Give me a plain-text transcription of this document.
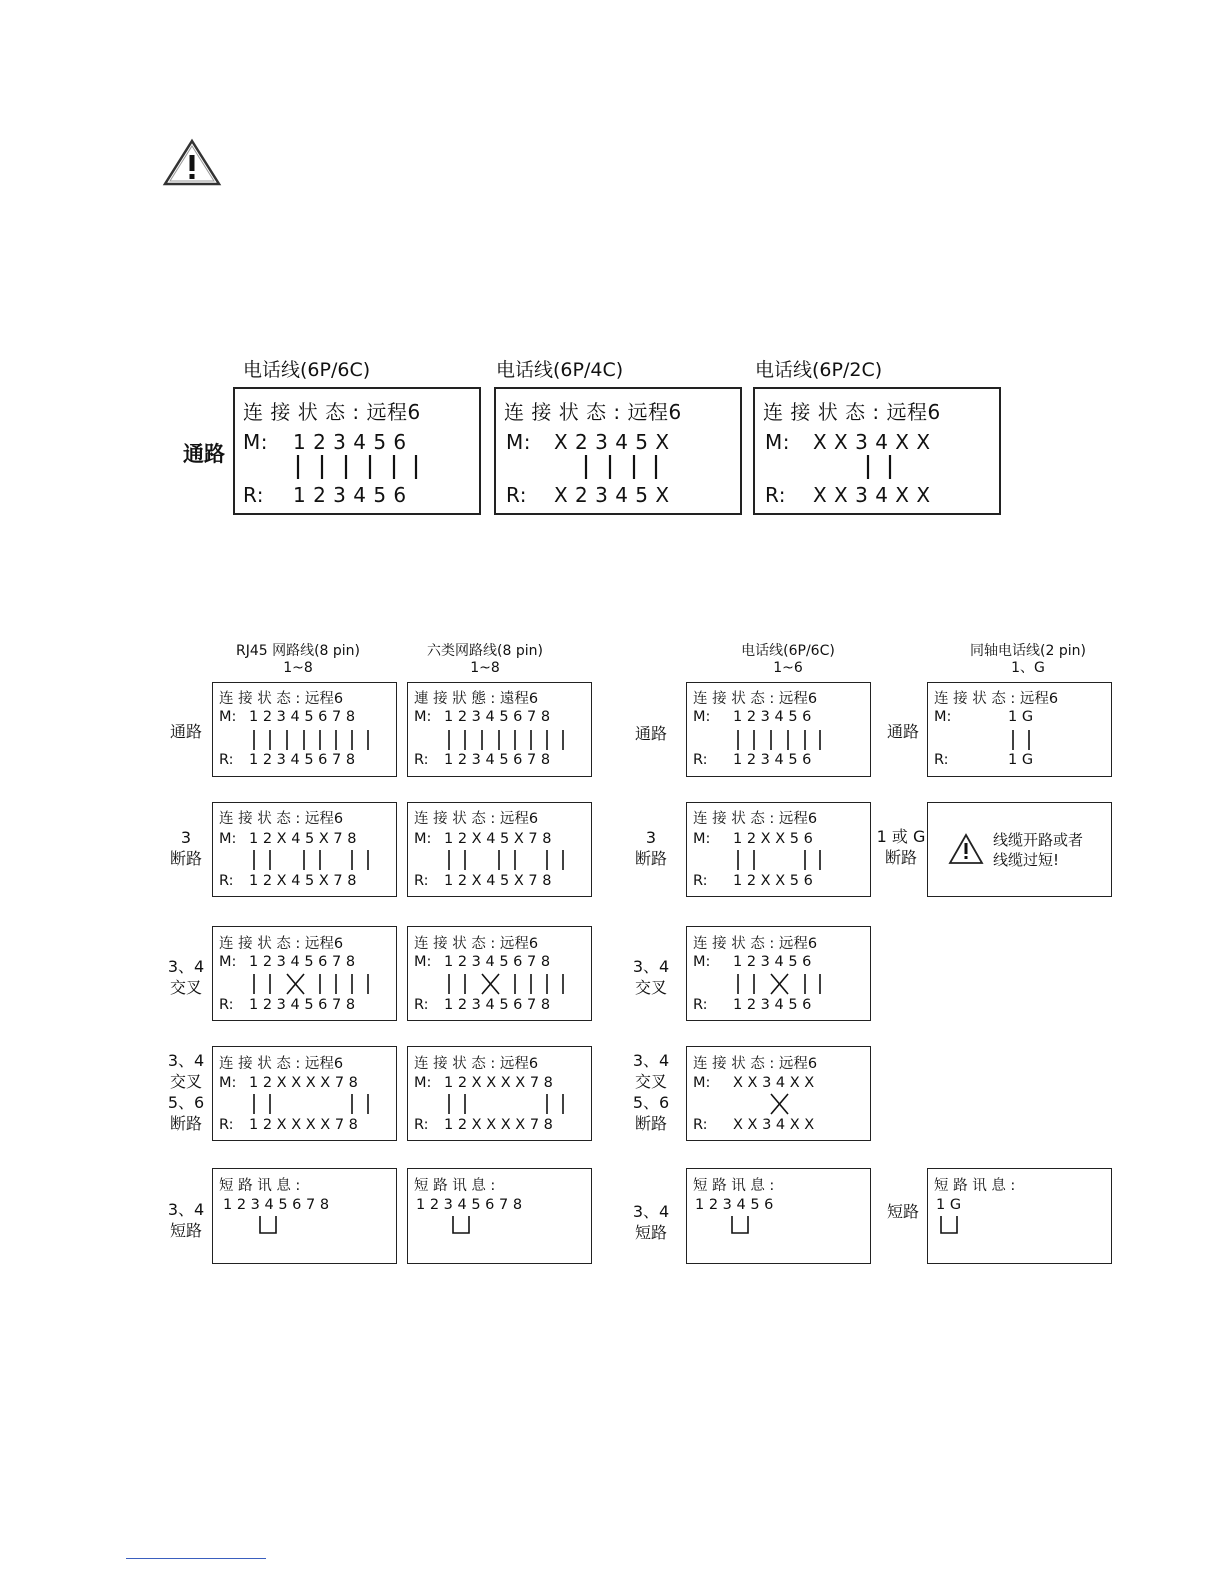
通路
电话线(6P/6C)
连 接 状 态 : 远程6
M: 1 2 3 4 5 6
R: 1 2 3 4 5 6
电话线(6P/4C)
连 接 状 态 : 远程6
M: X 2 3 4 5 X
R: X 2 3 4 5 X
电话线(6P/2C)
连 接 状 态 : 远程6
M: X X 3 4 X X
R: X X 3 4 X X
RJ45 网路线(8 pin)
1~8
六类网路线(8 pin)
1~8
电话线(6P/6C)
1~6
同轴电话线(2 pin)
1、G
通路
3
断路
3、4
交叉
3、4
交叉
5、6
断路
3、4
短路
通路
3
断路
3、4
交叉
3、4
交叉
5、6
断路
3、4
短路
通路
1 或 G
断路
短路
连 接 状 态 : 远程6
M: 1 2 3 4 5 6 7 8
R: 1 2 3 4 5 6 7 8
连 接 状 态 : 远程6
M: 1 2 X 4 5 X 7 8
R: 1 2 X 4 5 X 7 8
连 接 状 态 : 远程6
M: 1 2 3 4 5 6 7 8
R: 1 2 3 4 5 6 7 8
连 接 状 态 : 远程6
M: 1 2 X X X X 7 8
R: 1 2 X X X X 7 8
短 路 讯 息 :
1 2 3 4 5 6 7 8
連 接 狀 態 : 遠程6
M: 1 2 3 4 5 6 7 8
R: 1 2 3 4 5 6 7 8
连 接 状 态 : 远程6
M: 1 2 X 4 5 X 7 8
R: 1 2 X 4 5 X 7 8
连 接 状 态 : 远程6
M: 1 2 3 4 5 6 7 8
R: 1 2 3 4 5 6 7 8
连 接 状 态 : 远程6
M: 1 2 X X X X 7 8
R: 1 2 X X X X 7 8
短 路 讯 息 :
1 2 3 4 5 6 7 8
连 接 状 态 : 远程6
M: 1 2 3 4 5 6
R: 1 2 3 4 5 6
连 接 状 态 : 远程6
M: 1 2 X X 5 6
R: 1 2 X X 5 6
连 接 状 态 : 远程6
M: 1 2 3 4 5 6
R: 1 2 3 4 5 6
连 接 状 态 : 远程6
M: X X 3 4 X X
R: X X 3 4 X X
短 路 讯 息 :
1 2 3 4 5 6
连 接 状 态 : 远程6
M:	1 G
R:	1 G
线缆开路或者
线缆过短!
短 路 讯 息 :
1 G
